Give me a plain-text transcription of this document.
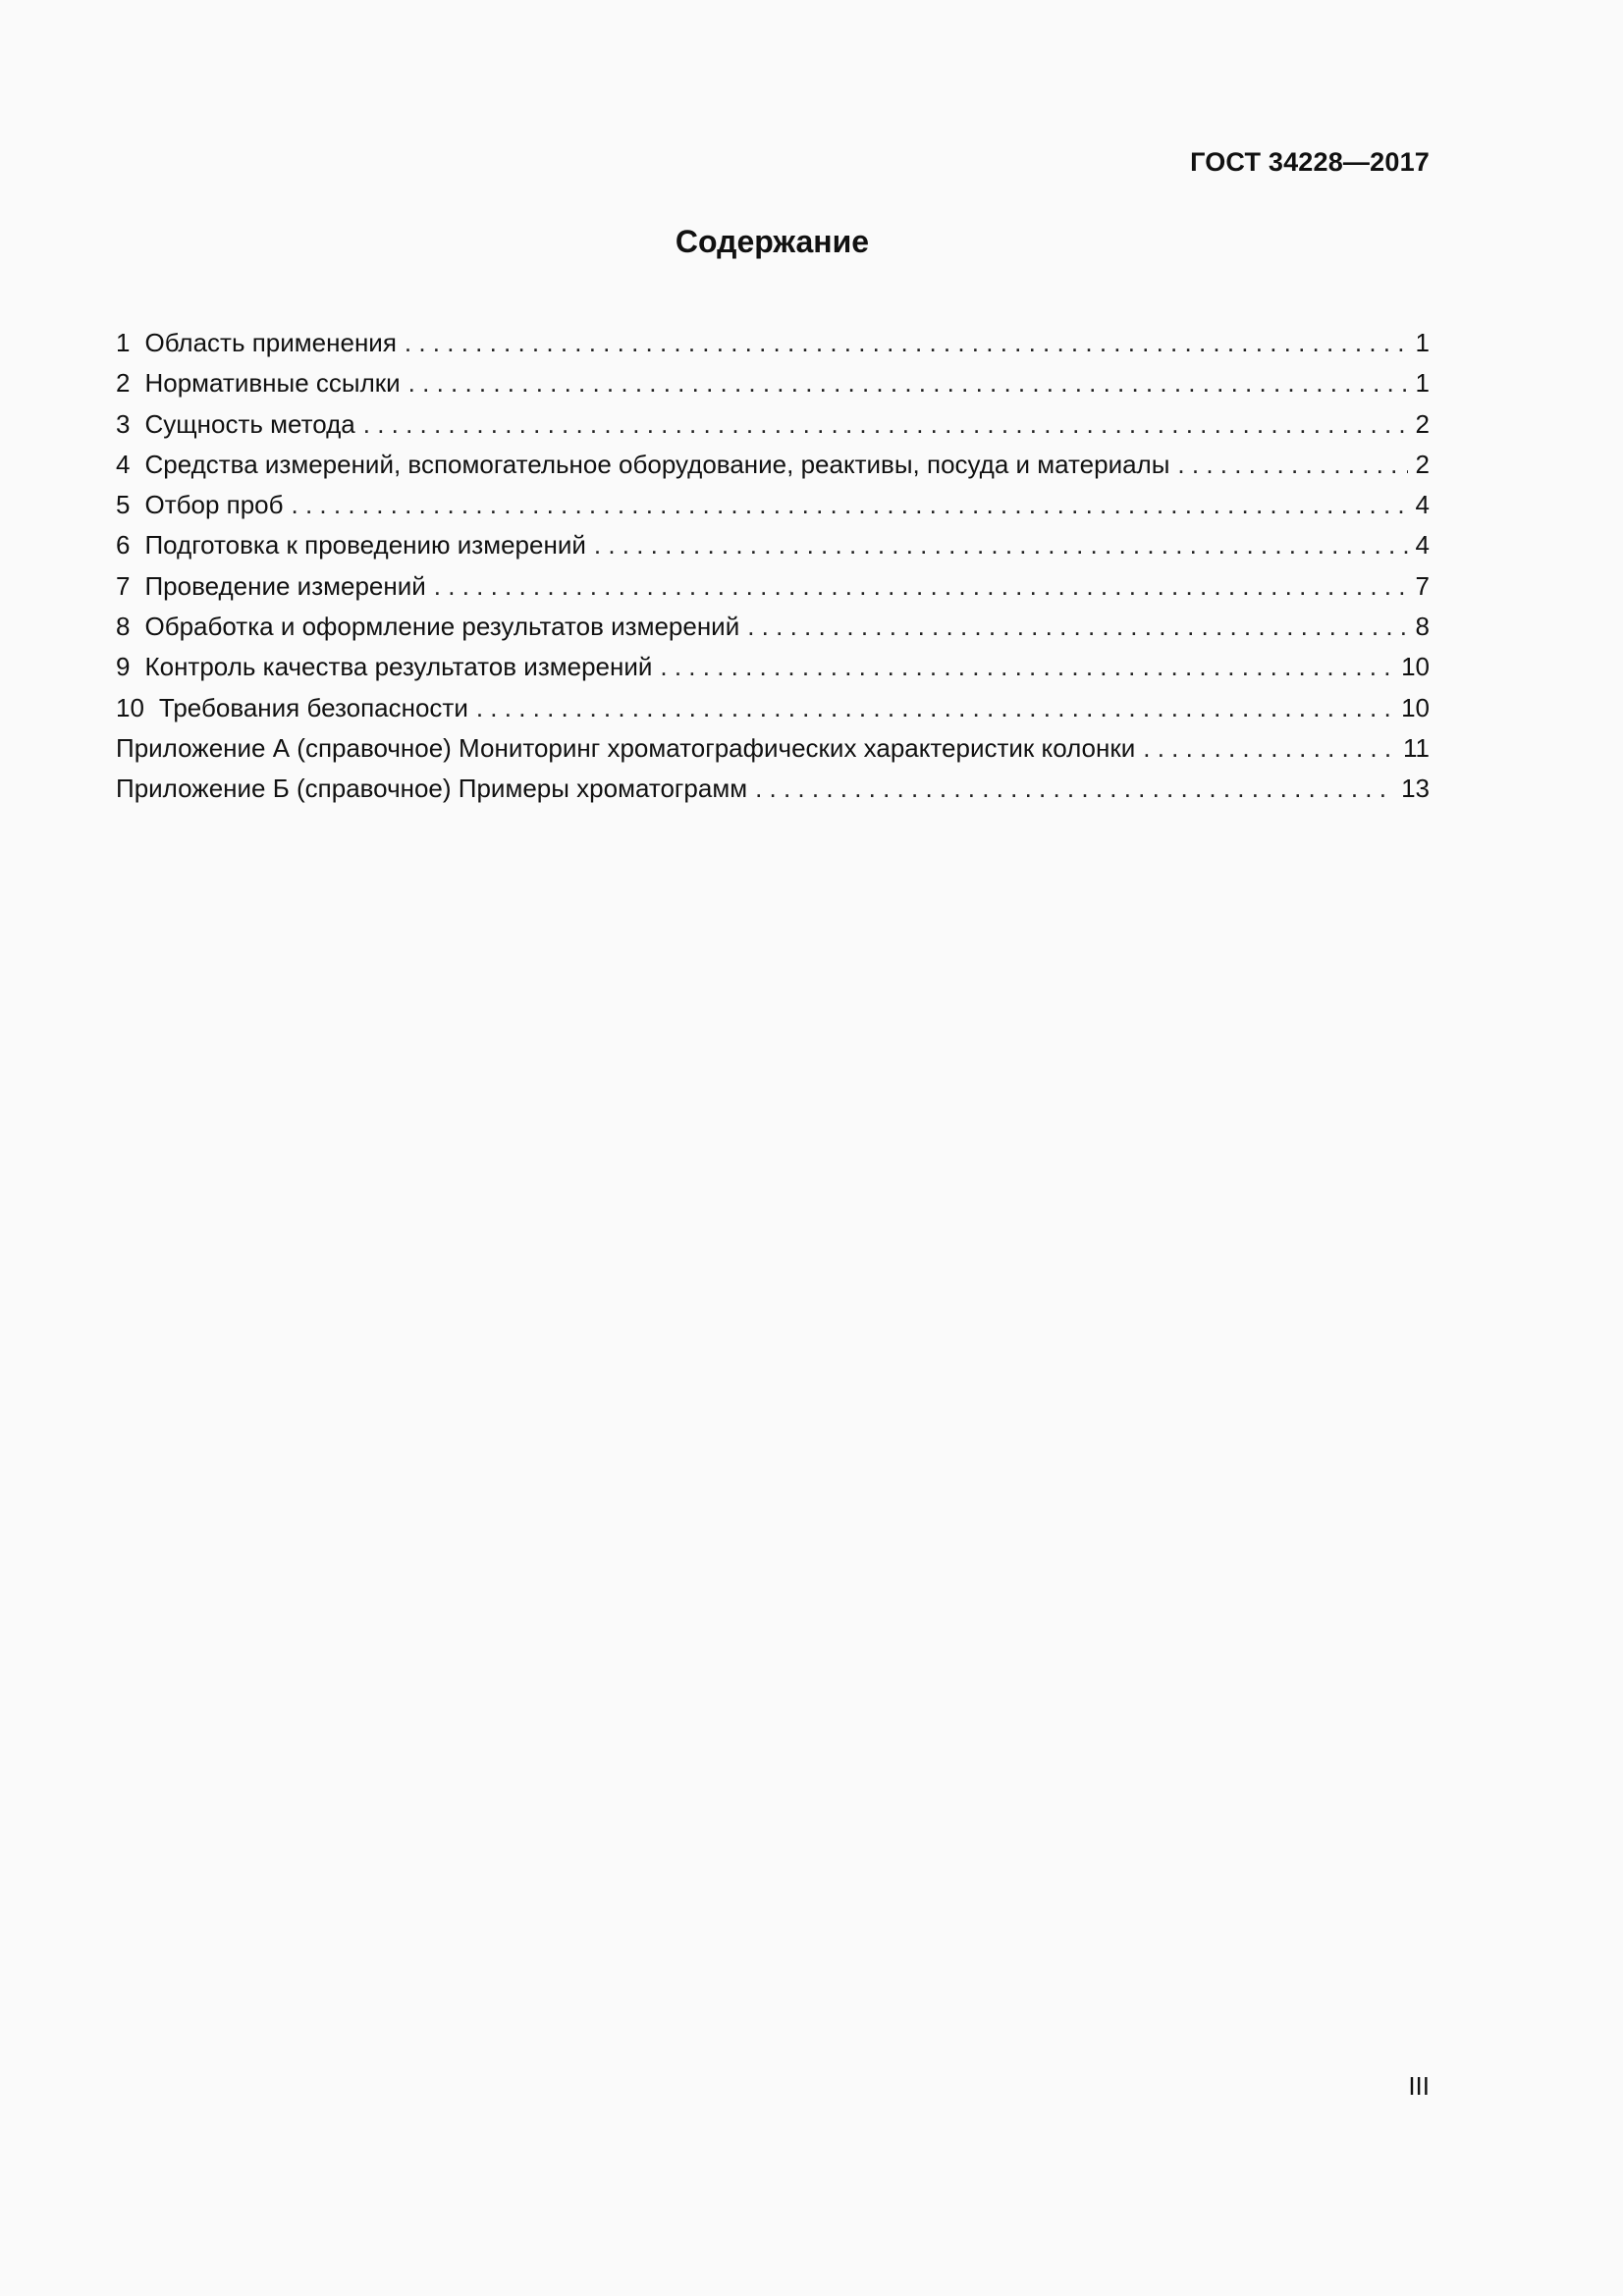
ГОСТ 34228—2017
Содержание
1 Область применения . . .	1
2 Нормативные ссылки . . .	1
3 Сущность метода . . .	2
4 Средства измерений, вспомогательное оборудование, реактивы, посуда и материалы . . .	2
5 Отбор проб . . .	4
6 Подготовка к проведению измерений . . .	4
7 Проведение измерений . . .	7
8 Обработка и оформление результатов измерений . . .	8
9 Контроль качества результатов измерений . . .	10
10 Требования безопасности . . .	10
Приложение А (справочное) Мониторинг хроматографических характеристик колонки . . .	11
Приложение Б (справочное) Примеры хроматограмм . . .	13
III
